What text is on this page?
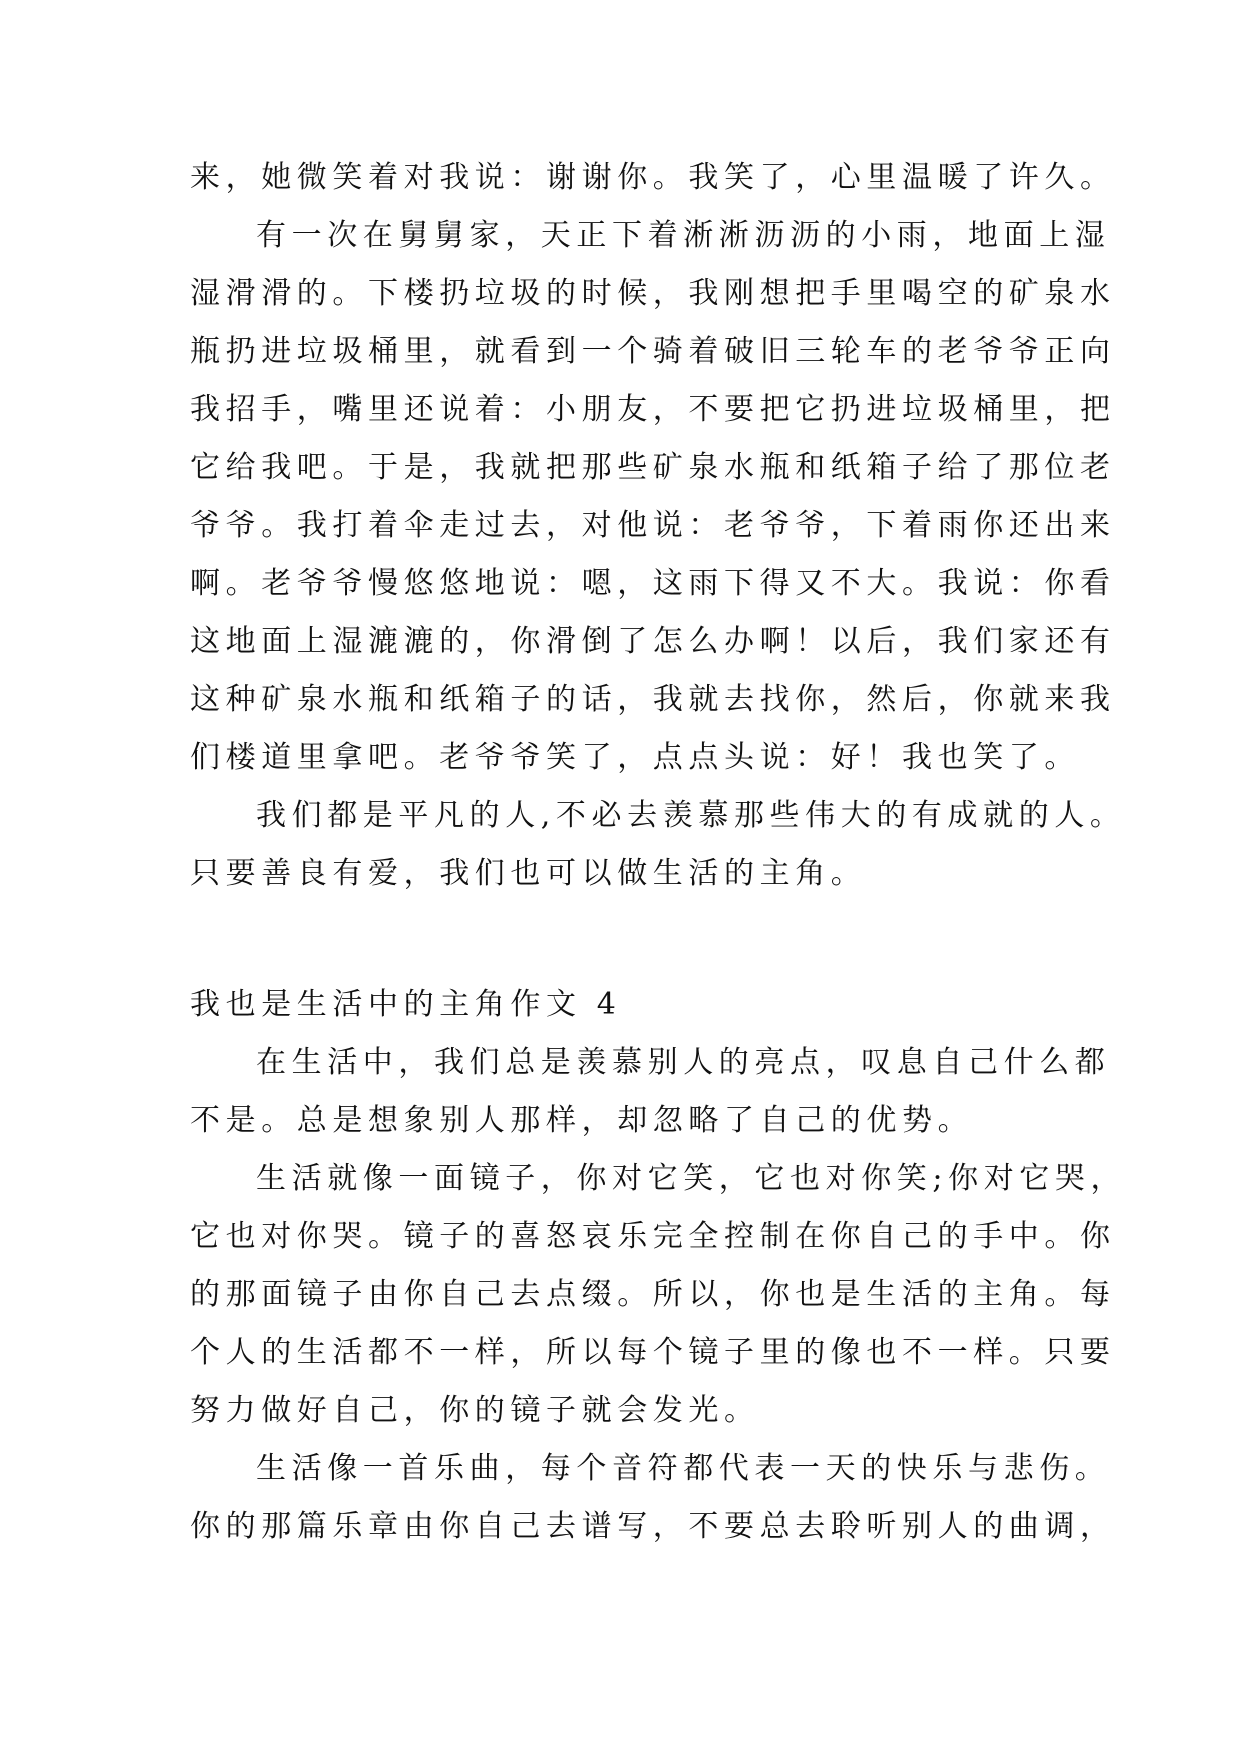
来，她微笑着对我说：谢谢你。我笑了，心里温暖了许久。
有一次在舅舅家，天正下着淅淅沥沥的小雨，地面上湿
湿滑滑的。下楼扔垃圾的时候，我刚想把手里喝空的矿泉水
瓶扔进垃圾桶里，就看到一个骑着破旧三轮车的老爷爷正向
我招手，嘴里还说着：小朋友，不要把它扔进垃圾桶里，把
它给我吧。于是，我就把那些矿泉水瓶和纸箱子给了那位老
爷爷。我打着伞走过去，对他说：老爷爷，下着雨你还出来
啊。老爷爷慢悠悠地说：嗯，这雨下得又不大。我说：你看
这地面上湿漉漉的，你滑倒了怎么办啊！以后，我们家还有
这种矿泉水瓶和纸箱子的话，我就去找你，然后，你就来我
们楼道里拿吧。老爷爷笑了，点点头说：好！我也笑了。
我们都是平凡的人,不必去羡慕那些伟大的有成就的人。
只要善良有爱，我们也可以做生活的主角。
我也是生活中的主角作文 4
在生活中，我们总是羡慕别人的亮点，叹息自己什么都
不是。总是想象别人那样，却忽略了自己的优势。
生活就像一面镜子，你对它笑，它也对你笑;你对它哭，
它也对你哭。镜子的喜怒哀乐完全控制在你自己的手中。你
的那面镜子由你自己去点缀。所以，你也是生活的主角。每
个人的生活都不一样，所以每个镜子里的像也不一样。只要
努力做好自己，你的镜子就会发光。
生活像一首乐曲，每个音符都代表一天的快乐与悲伤。
你的那篇乐章由你自己去谱写，不要总去聆听别人的曲调，
